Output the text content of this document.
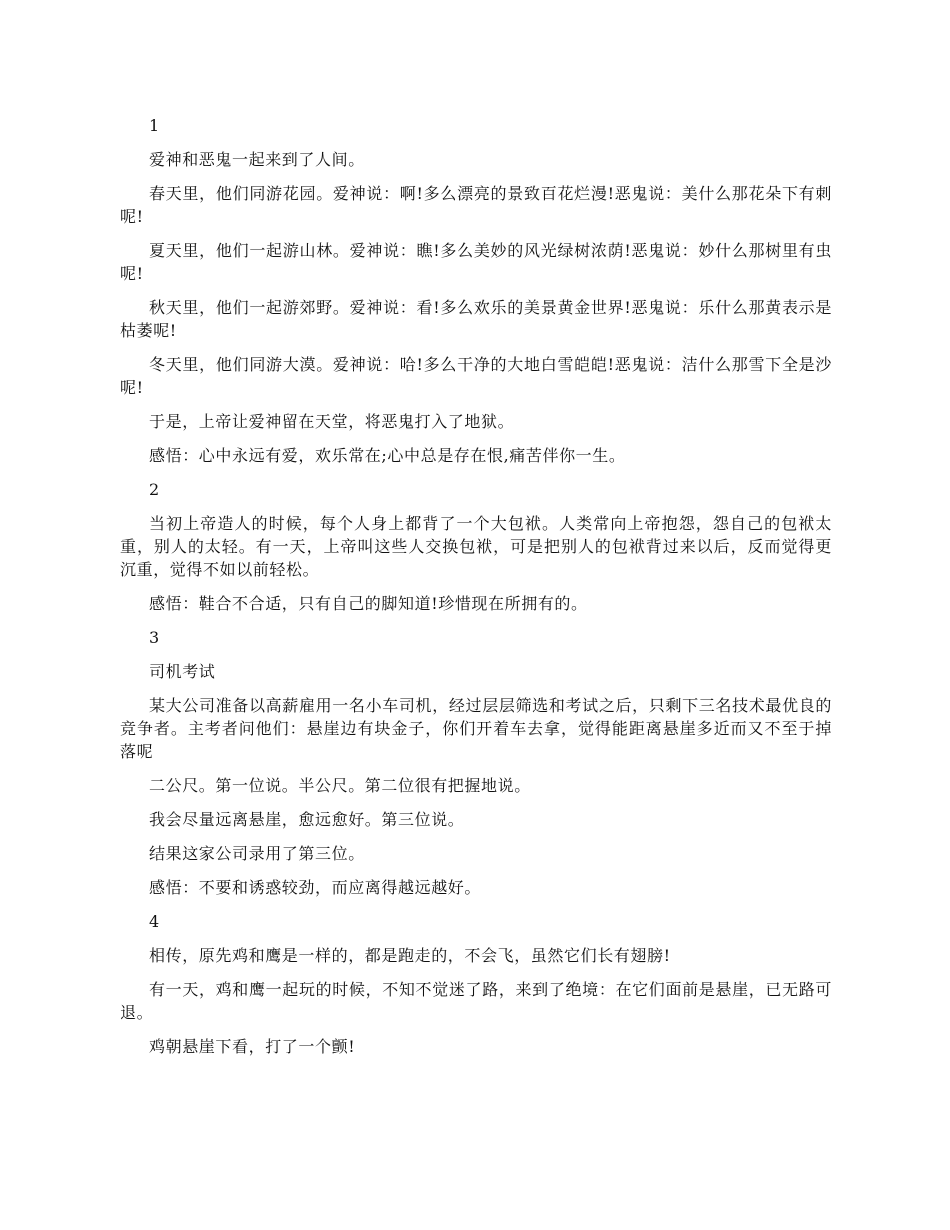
1

爱神和恶鬼一起来到了人间。

春天里，他们同游花园。爱神说：啊!多么漂亮的景致百花烂漫!恶鬼说：美什么那花朵下有刺呢!

夏天里，他们一起游山林。爱神说：瞧!多么美妙的风光绿树浓荫!恶鬼说：妙什么那树里有虫呢!

秋天里，他们一起游郊野。爱神说：看!多么欢乐的美景黄金世界!恶鬼说：乐什么那黄表示是枯萎呢!

冬天里，他们同游大漠。爱神说：哈!多么干净的大地白雪皑皑!恶鬼说：洁什么那雪下全是沙呢!

于是，上帝让爱神留在天堂，将恶鬼打入了地狱。

感悟：心中永远有爱，欢乐常在;心中总是存在恨,痛苦伴你一生。

2

当初上帝造人的时候，每个人身上都背了一个大包袱。人类常向上帝抱怨，怨自己的包袱太重，别人的太轻。有一天，上帝叫这些人交换包袱，可是把别人的包袱背过来以后，反而觉得更沉重，觉得不如以前轻松。

感悟：鞋合不合适，只有自己的脚知道!珍惜现在所拥有的。

3

司机考试

某大公司准备以高薪雇用一名小车司机，经过层层筛选和考试之后，只剩下三名技术最优良的竞争者。主考者问他们：悬崖边有块金子，你们开着车去拿，觉得能距离悬崖多近而又不至于掉落呢

二公尺。第一位说。半公尺。第二位很有把握地说。

我会尽量远离悬崖，愈远愈好。第三位说。

结果这家公司录用了第三位。

感悟：不要和诱惑较劲，而应离得越远越好。

4

相传，原先鸡和鹰是一样的，都是跑走的，不会飞，虽然它们长有翅膀!

有一天，鸡和鹰一起玩的时候，不知不觉迷了路，来到了绝境：在它们面前是悬崖，已无路可退。

鸡朝悬崖下看，打了一个颤!
